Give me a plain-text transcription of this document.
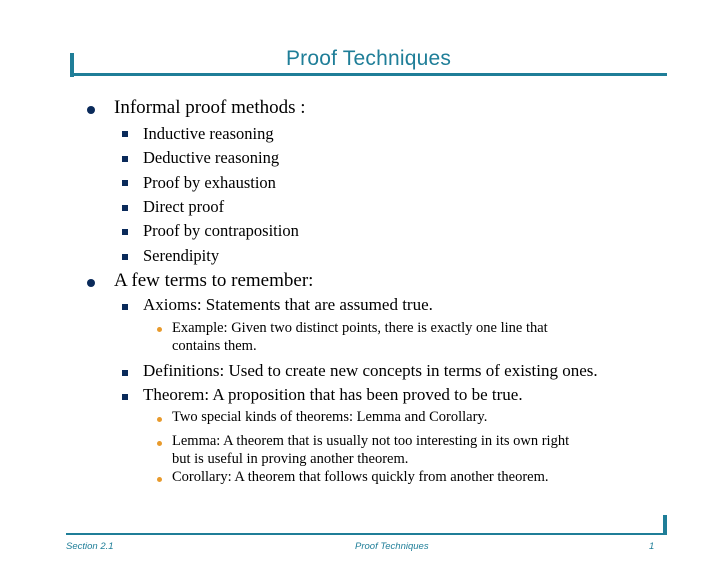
Proof Techniques
Informal proof methods :
Inductive reasoning
Deductive reasoning
Proof by exhaustion
Direct proof
Proof by contraposition
Serendipity
A few terms to remember:
Axioms: Statements that are assumed true.
Example: Given two distinct points, there is exactly one line that
contains them.
Definitions: Used to create new concepts in terms of existing ones.
Theorem: A proposition that has been proved to be true.
Two special kinds of theorems: Lemma and Corollary.
Lemma: A theorem that is usually not too interesting in its own right
but is useful in proving another theorem.
Corollary: A theorem that follows quickly from another theorem.
Section 2.1	Proof Techniques	1
